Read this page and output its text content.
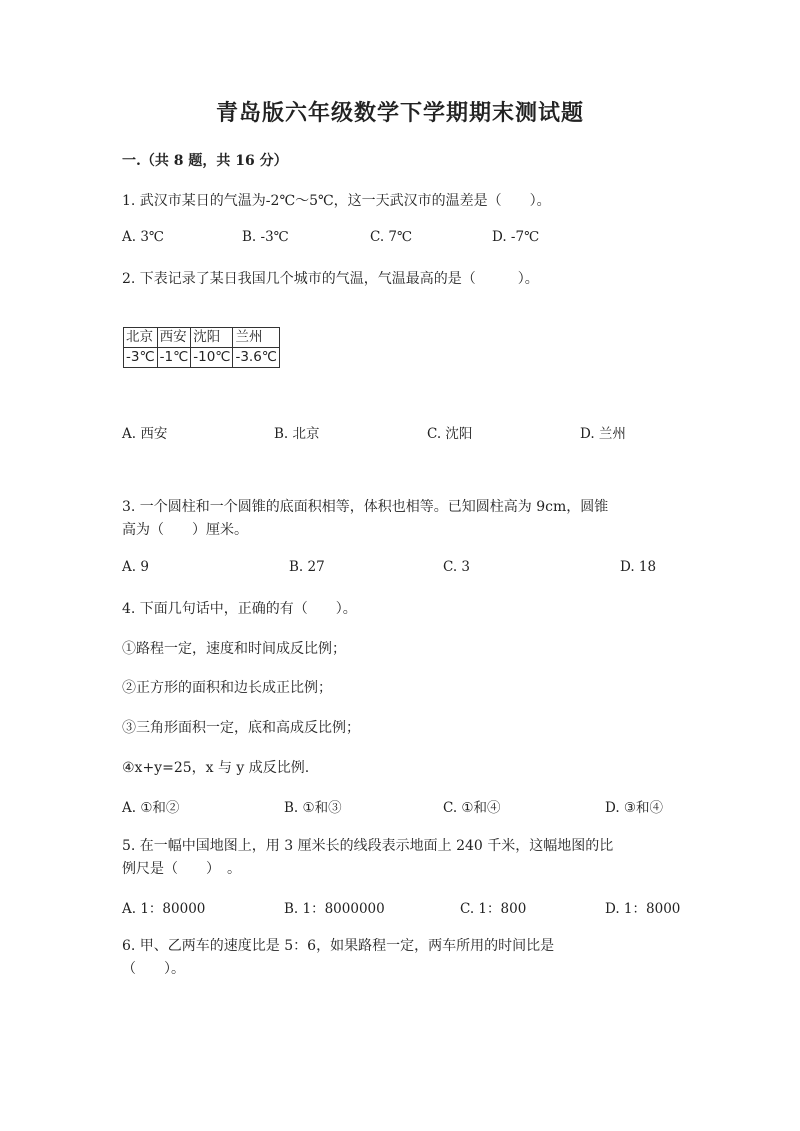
青岛版六年级数学下学期期末测试题
一.（共 8 题，共 16 分）
1. 武汉市某日的气温为-2℃～5℃，这一天武汉市的温差是（　　）。
A. 3℃	B. -3℃	C. 7℃	D. -7℃
2. 下表记录了某日我国几个城市的气温，气温最高的是（　　　）。
北京	西安	沈阳	兰州
-3℃	-1℃	-10℃	-3.6℃
A. 西安	B. 北京	C. 沈阳	D. 兰州
3. 一个圆柱和一个圆锥的底面积相等，体积也相等。已知圆柱高为 9cm，圆锥
高为（　　）厘米。
A. 9	B. 27	C. 3	D. 18
4. 下面几句话中，正确的有（　　）。
①路程一定，速度和时间成反比例；
②正方形的面积和边长成正比例；
③三角形面积一定，底和高成反比例；
④x+y=25，x 与 y 成反比例.
A. ①和②	B. ①和③	C. ①和④	D. ③和④
5. 在一幅中国地图上，用 3 厘米长的线段表示地面上 240 千米，这幅地图的比
例尺是（　　）　。
A. 1：80000	B. 1：8000000	C. 1：800	D. 1：8000
6. 甲、乙两车的速度比是 5：6，如果路程一定，两车所用的时间比是
（　　）。
